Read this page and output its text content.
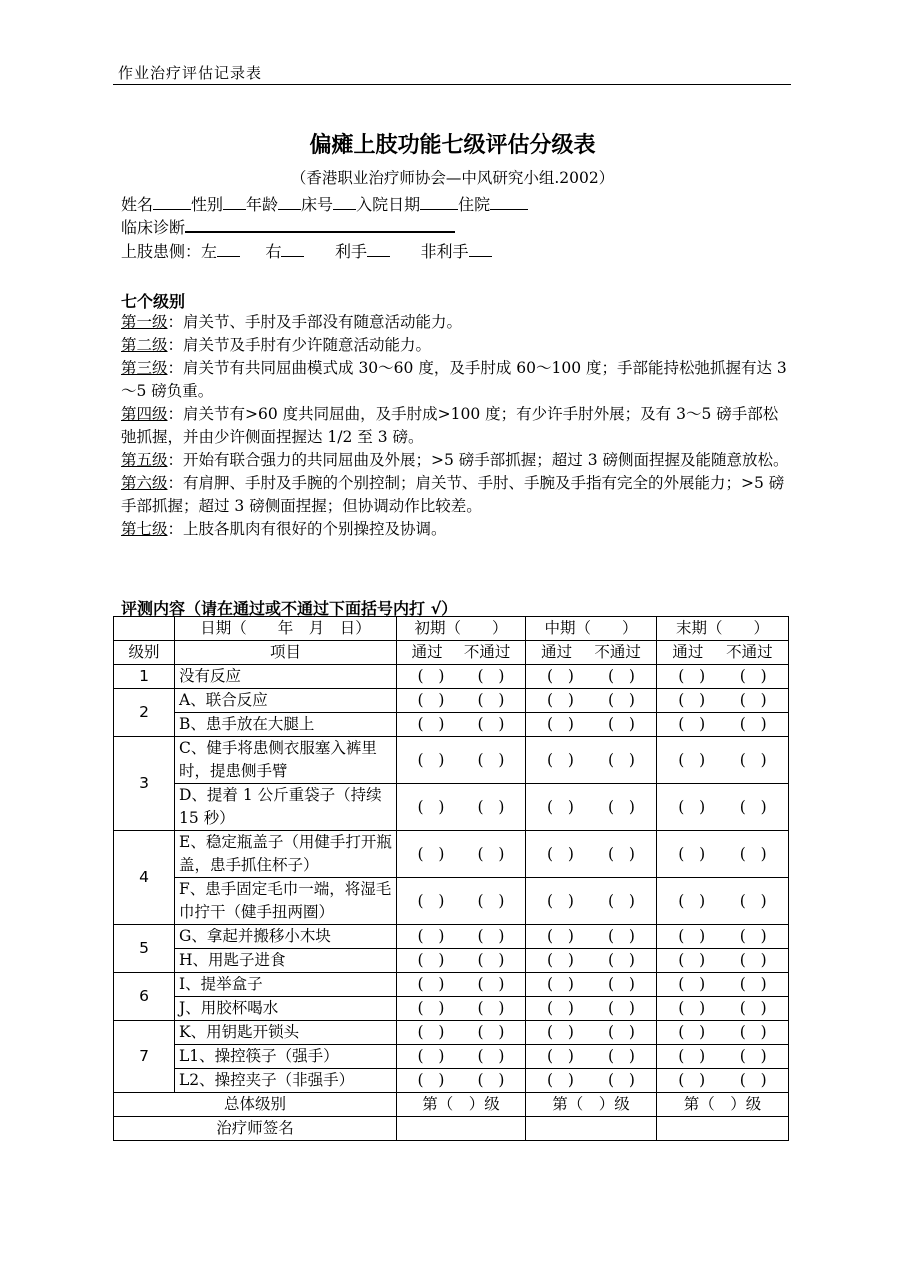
作业治疗评估记录表
偏瘫上肢功能七级评估分级表
（香港职业治疗师协会—中风研究小组.2002）
姓名 性别 年龄 床号 入院日期 住院
临床诊断
上肢患侧：左	右	利手	非利手
七个级别

第一级：肩关节、手肘及手部没有随意活动能力。

第二级：肩关节及手肘有少许随意活动能力。

第三级：肩关节有共同屈曲模式成 30～60 度，及手肘成 60～100 度；手部能持松弛抓握有达 3～5 磅负重。

第四级：肩关节有>60 度共同屈曲，及手肘成>100 度；有少许手肘外展；及有 3～5 磅手部松弛抓握，并由少许侧面捏握达 1/2 至 3 磅。

第五级：开始有联合强力的共同屈曲及外展；>5 磅手部抓握；超过 3 磅侧面捏握及能随意放松。

第六级：有肩胛、手肘及手腕的个别控制；肩关节、手肘、手腕及手指有完全的外展能力；>5 磅手部抓握；超过 3 磅侧面捏握；但协调动作比较差。

第七级：上肢各肌肉有很好的个别操控及协调。

评测内容（请在通过或不通过下面括号内打 √）
	日期（　　年　月　日）	初期（　　）	中期（　　）	末期（　　）
级别	项目	通过 不通过	通过 不通过	通过 不通过

1	没有反应	(   ) (   )	(   ) (   )	(   ) (   )

2	A、联合反应	(   ) (   )	(   ) (   )	(   ) (   )

	B、患手放在大腿上	(   ) (   )	(   ) (   )	(   ) (   )

3	C、健手将患侧衣服塞入裤里时，提患侧手臂	(   ) (   )	(   ) (   )	(   ) (   )

	D、提着 1 公斤重袋子（持续 15 秒）	(   ) (   )	(   ) (   )	(   ) (   )

4	E、稳定瓶盖子（用健手打开瓶盖，患手抓住杯子）	(   ) (   )	(   ) (   )	(   ) (   )

	F、患手固定毛巾一端，将湿毛巾拧干（健手扭两圈）	(   ) (   )	(   ) (   )	(   ) (   )

5	G、拿起并搬移小木块	(   ) (   )	(   ) (   )	(   ) (   )

	H、用匙子进食	(   ) (   )	(   ) (   )	(   ) (   )

6	I、提举盒子	(   ) (   )	(   ) (   )	(   ) (   )

	J、用胶杯喝水	(   ) (   )	(   ) (   )	(   ) (   )

7	K、用钥匙开锁头	(   ) (   )	(   ) (   )	(   ) (   )

	L1、操控筷子（强手）	(   ) (   )	(   ) (   )	(   ) (   )

	L2、操控夹子（非强手）	(   ) (   )	(   ) (   )	(   ) (   )

总体级别		第（　）级	第（　）级	第（　）级
治疗师签名				
